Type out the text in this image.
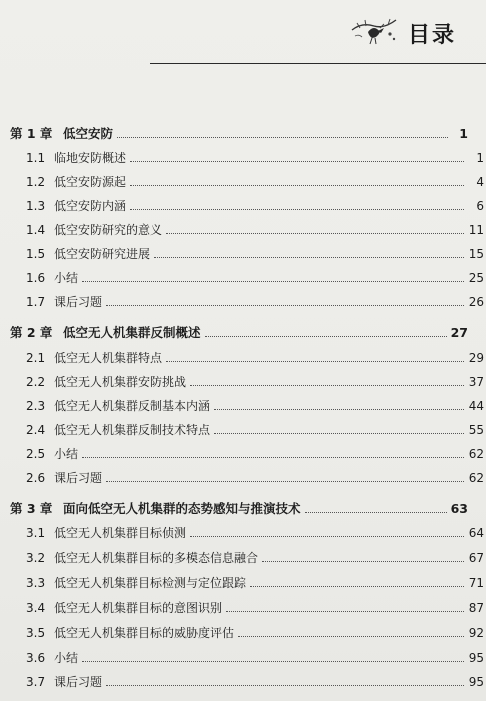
目录
第 1 章 低空安防	1
1.1 临地安防概述	1
1.2 低空安防源起	4
1.3 低空安防内涵	6
1.4 低空安防研究的意义	11
1.5 低空安防研究进展	15
1.6 小结	25
1.7 课后习题	26
第 2 章 低空无人机集群反制概述	27
2.1 低空无人机集群特点	29
2.2 低空无人机集群安防挑战	37
2.3 低空无人机集群反制基本内涵	44
2.4 低空无人机集群反制技术特点	55
2.5 小结	62
2.6 课后习题	62
第 3 章 面向低空无人机集群的态势感知与推演技术	63
3.1 低空无人机集群目标侦测	64
3.2 低空无人机集群目标的多模态信息融合	67
3.3 低空无人机集群目标检测与定位跟踪	71
3.4 低空无人机集群目标的意图识别	87
3.5 低空无人机集群目标的威胁度评估	92
3.6 小结	95
3.7 课后习题	95
